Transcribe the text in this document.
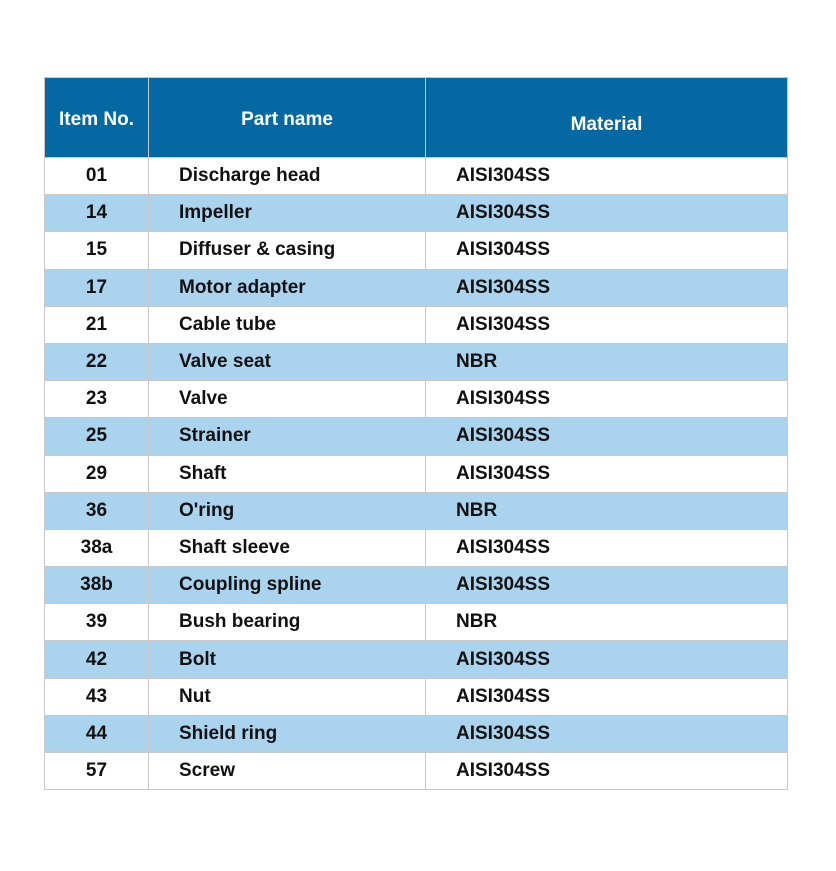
Item No.	Part name	Material
01	Discharge head	AISI304SS
14	Impeller	AISI304SS
15	Diffuser & casing	AISI304SS
17	Motor adapter	AISI304SS
21	Cable tube	AISI304SS
22	Valve seat	NBR
23	Valve	AISI304SS
25	Strainer	AISI304SS
29	Shaft	AISI304SS
36	O'ring	NBR
38a	Shaft sleeve	AISI304SS
38b	Coupling spline	AISI304SS
39	Bush bearing	NBR
42	Bolt	AISI304SS
43	Nut	AISI304SS
44	Shield ring	AISI304SS
57	Screw	AISI304SS
